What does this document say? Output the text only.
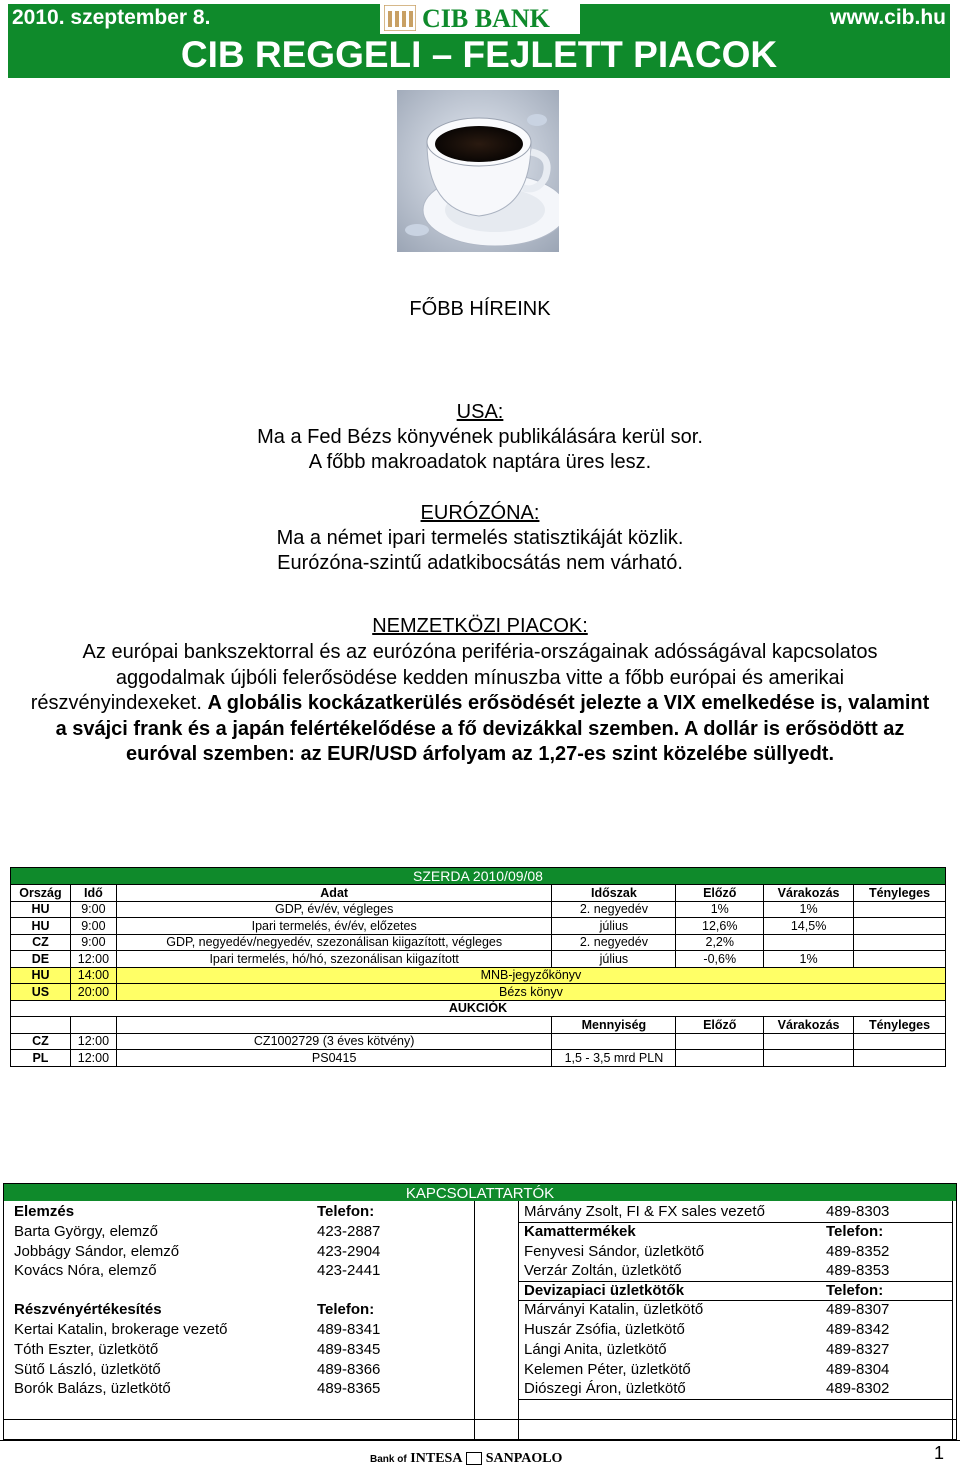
2010. szeptember 8.	www.cib.hu
CIB BANK
CIB REGGELI – FEJLETT PIACOK
FŐBB HÍREINK
USA:
Ma a Fed Bézs könyvének publikálására kerül sor.
A főbb makroadatok naptára üres lesz.
EURÓZÓNA:
Ma a német ipari termelés statisztikáját közlik.
Eurózóna-szintű adatkibocsátás nem várható.
NEMZETKÖZI PIACOK:
Az európai bankszektorral és az eurózóna periféria-országainak adósságával kapcsolatos aggodalmak újbóli felerősödése kedden mínuszba vitte a főbb európai és amerikai részvényindexeket. A globális kockázatkerülés erősödését jelezte a VIX emelkedése is, valamint a svájci frank és a japán felértékelődése a fő devizákkal szemben. A dollár is erősödött az euróval szemben: az EUR/USD árfolyam az 1,27-es szint közelébe süllyedt.
SZERDA 2010/09/08						
Ország	Idő	Adat	Időszak	Előző	Várakozás	Tényleges
HU	9:00	GDP, év/év, végleges	2. negyedév	1%	1%	
HU	9:00	Ipari termelés, év/év, előzetes	július	12,6%	14,5%	
CZ	9:00	GDP, negyedév/negyedév, szezonálisan kiigazított, végleges	2. negyedév	2,2%		
DE	12:00	Ipari termelés, hó/hó, szezonálisan kiigazított	július	-0,6%	1%	
HU	14:00	MNB-jegyzőkönyv				
US	20:00	Bézs könyv				
AUKCIÓK						
			Mennyiség	Előző	Várakozás	Tényleges
CZ	12:00	CZ1002729 (3 éves kötvény)				
PL	12:00	PS0415	1,5 - 3,5 mrd PLN			
KAPCSOLATTARTÓK
Elemzés	Telefon:
Barta György, elemző	423-2887
Jobbágy Sándor, elemző	423-2904
Kovács Nóra, elemző	423-2441
Részvényértékesítés	Telefon:
Kertai Katalin, brokerage vezető	489-8341
Tóth Eszter, üzletkötő	489-8345
Sütő László, üzletkötő	489-8366
Borók Balázs, üzletkötő	489-8365
Márvány Zsolt, FI & FX sales vezető	489-8303
Kamattermékek	Telefon:
Fenyvesi Sándor, üzletkötő	489-8352
Verzár Zoltán, üzletkötő	489-8353
Devizapiaci üzletkötők	Telefon:
Márványi Katalin, üzletkötő	489-8307
Huszár Zsófia, üzletkötő	489-8342
Lángi Anita, üzletkötő	489-8327
Kelemen Péter, üzletkötő	489-8304
Diószegi Áron, üzletkötő	489-8302
Bank of INTESA SANPAOLO	1
